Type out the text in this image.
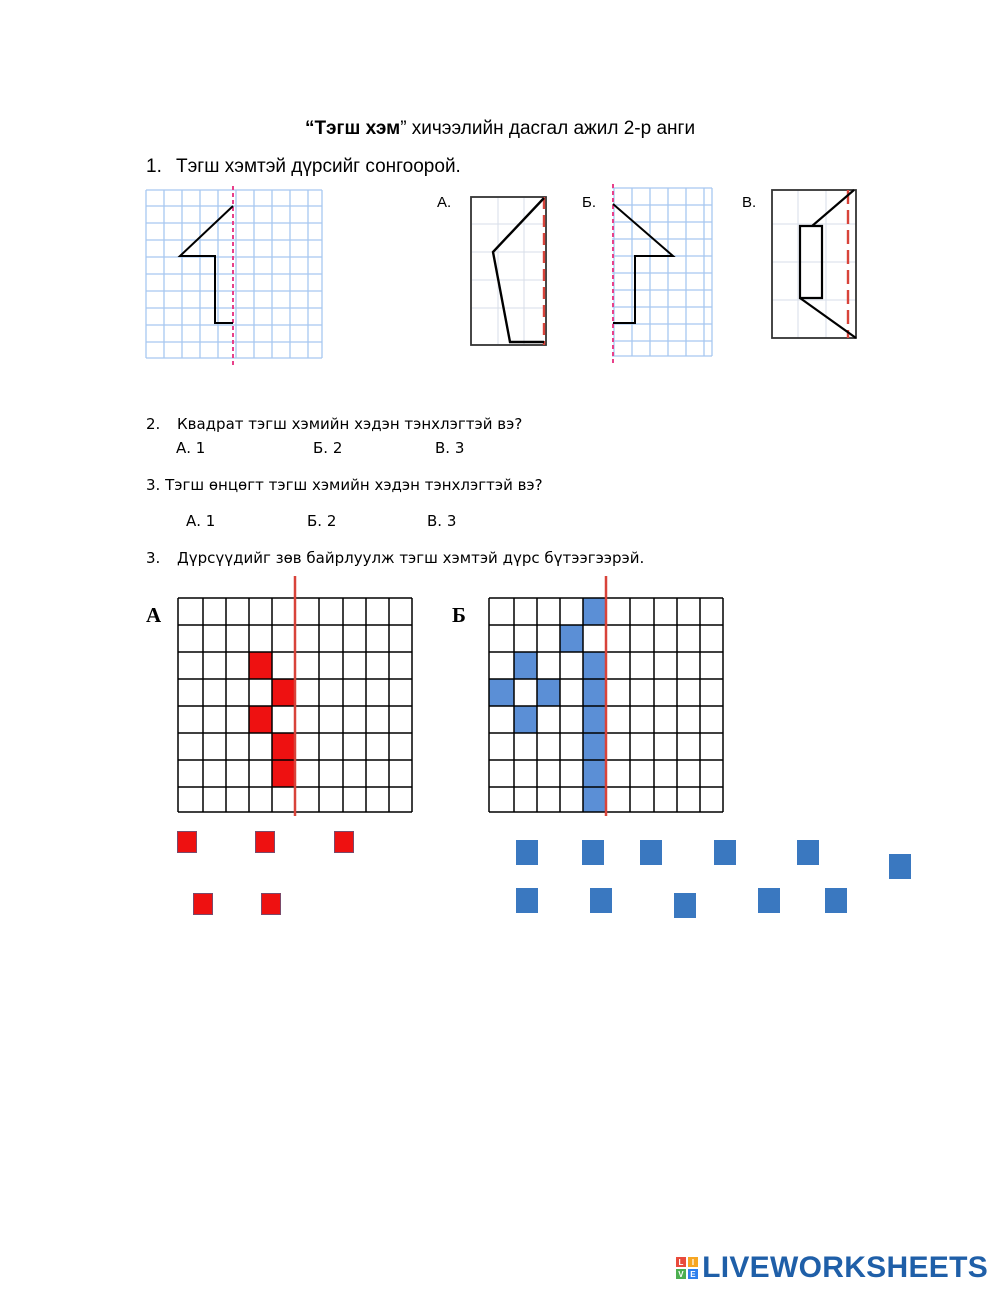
“Тэгш хэм” хичээлийн дасгал ажил 2-р анги
1. Тэгш хэмтэй дүрсийг сонгоорой.
А.	Б.	В.
2. Квадрат тэгш хэмийн хэдэн тэнхлэгтэй вэ?
А. 1	Б. 2	В. 3
3. Тэгш өнцөгт тэгш хэмийн хэдэн тэнхлэгтэй вэ?
А. 1	Б. 2	В. 3
3. Дүрсүүдийг зөв байрлуулж тэгш хэмтэй дүрс бүтээгээрэй.
А	Б
L	I
V E LIVEWORKSHEETS
